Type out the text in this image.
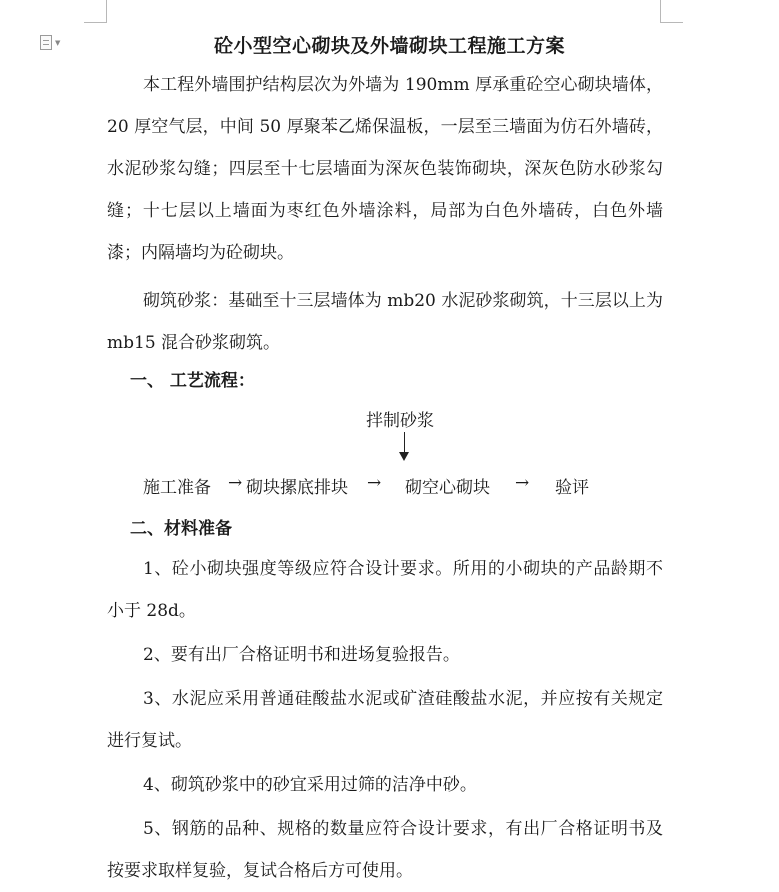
▼	砼小型空心砌块及外墙砌块工程施工方案

本工程外墙围护结构层次为外墙为 190mm 厚承重砼空心砌块墙体，20 厚空气层，中间 50 厚聚苯乙烯保温板，一层至三墙面为仿石外墙砖，水泥砂浆勾缝；四层至十七层墙面为深灰色装饰砌块，深灰色防水砂浆勾缝；十七层以上墙面为枣红色外墙涂料，局部为白色外墙砖，白色外墙漆；内隔墙均为砼砌块。

砌筑砂浆：基础至十三层墙体为 mb20 水泥砂浆砌筑，十三层以上为 mb15 混合砂浆砌筑。

一、 工艺流程：
拌制砂浆
施工准备 → 砌块摞底排块 → 砌空心砌块 → 验评
二、材料准备

1、砼小砌块强度等级应符合设计要求。所用的小砌块的产品龄期不小于 28d。

2、要有出厂合格证明书和进场复验报告。

3、水泥应采用普通硅酸盐水泥或矿渣硅酸盐水泥，并应按有关规定进行复试。

4、砌筑砂浆中的砂宜采用过筛的洁净中砂。

5、钢筋的品种、规格的数量应符合设计要求，有出厂合格证明书及按要求取样复验，复试合格后方可使用。
